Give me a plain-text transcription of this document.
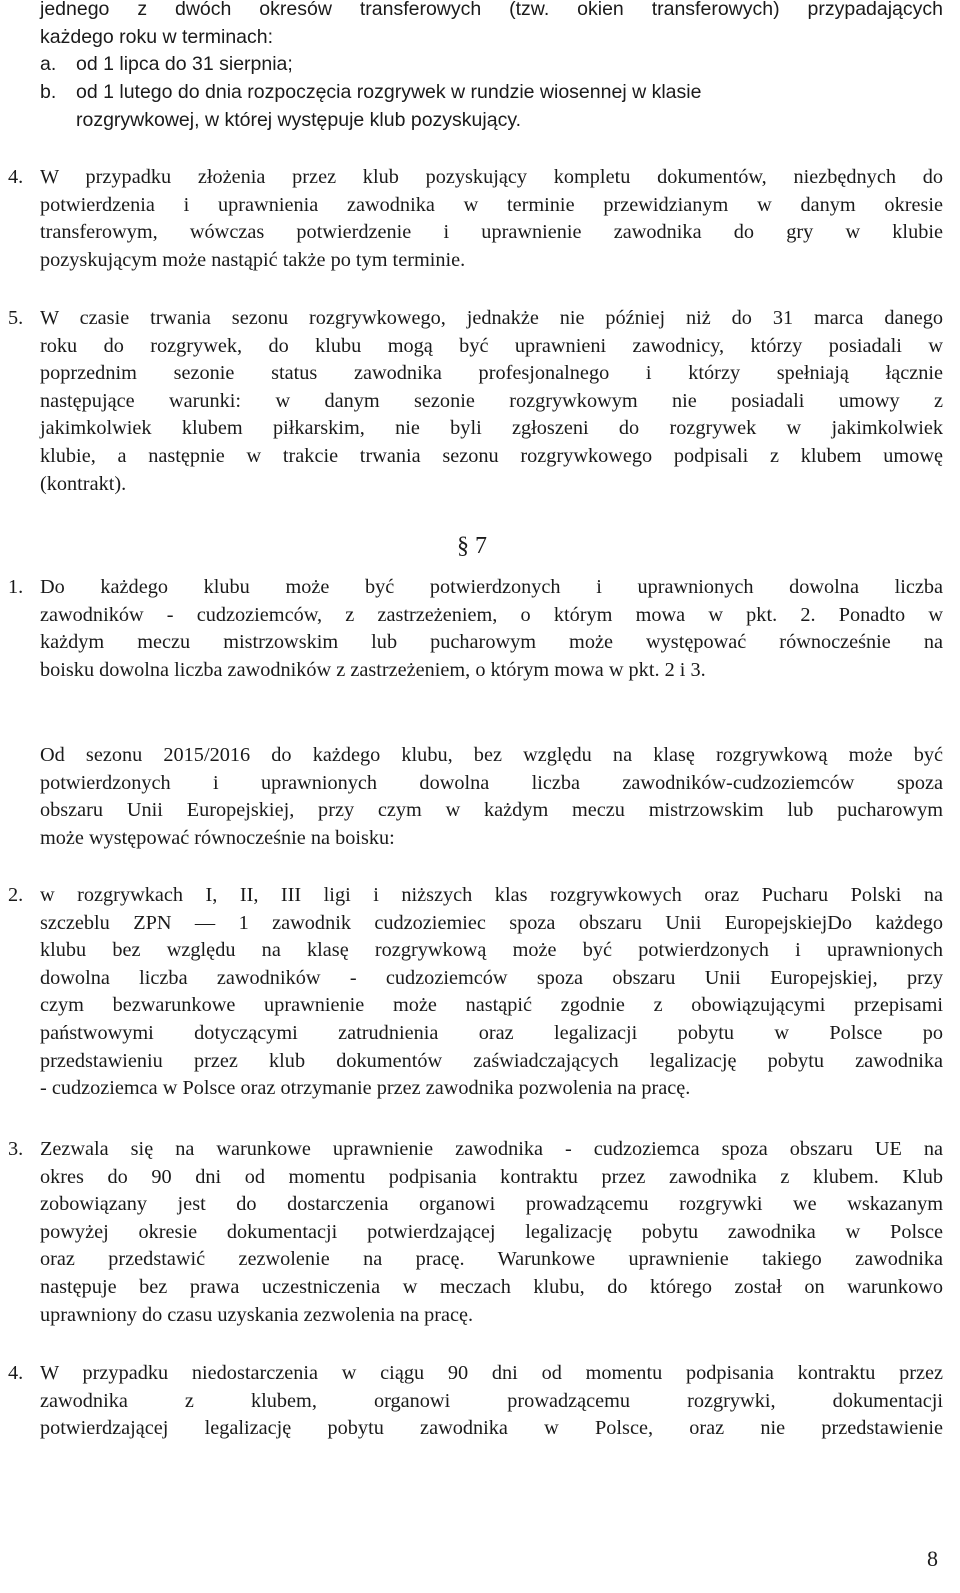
jednego z dwóch okresów transferowych (tzw. okien transferowych) przypadających
każdego roku w terminach:
a.	od 1 lipca do 31 sierpnia;
b.	od 1 lutego do dnia rozpoczęcia rozgrywek w rundzie wiosennej w klasie
rozgrywkowej, w której występuje klub pozyskujący.
4. W przypadku złożenia przez klub pozyskujący kompletu dokumentów, niezbędnych do
potwierdzenia i uprawnienia zawodnika w terminie przewidzianym w danym okresie
transferowym, wówczas potwierdzenie i uprawnienie zawodnika do gry w klubie
pozyskującym może nastąpić także po tym terminie.
5. W czasie trwania sezonu rozgrywkowego, jednakże nie później niż do 31 marca danego
roku do rozgrywek, do klubu mogą być uprawnieni zawodnicy, którzy posiadali w
poprzednim sezonie status zawodnika profesjonalnego i którzy spełniają łącznie
następujące warunki: w danym sezonie rozgrywkowym nie posiadali umowy z
jakimkolwiek klubem piłkarskim, nie byli zgłoszeni do rozgrywek w jakimkolwiek
klubie, a następnie w trakcie trwania sezonu rozgrywkowego podpisali z klubem umowę
(kontrakt).
§ 7
1. Do każdego klubu może być potwierdzonych i uprawnionych dowolna liczba
zawodników - cudzoziemców, z zastrzeżeniem, o którym mowa w pkt. 2. Ponadto w
każdym meczu mistrzowskim lub pucharowym może występować równocześnie na
boisku dowolna liczba zawodników z zastrzeżeniem, o którym mowa w pkt. 2 i 3.
Od sezonu 2015/2016 do każdego klubu, bez względu na klasę rozgrywkową może być
potwierdzonych i uprawnionych dowolna liczba zawodników-cudzoziemców spoza
obszaru Unii Europejskiej, przy czym w każdym meczu mistrzowskim lub pucharowym
może występować równocześnie na boisku:
2. w rozgrywkach I, II, III ligi i niższych klas rozgrywkowych oraz Pucharu Polski na
szczeblu ZPN — 1 zawodnik cudzoziemiec spoza obszaru Unii EuropejskiejDo każdego
klubu bez względu na klasę rozgrywkową może być potwierdzonych i uprawnionych
dowolna liczba zawodników - cudzoziemców spoza obszaru Unii Europejskiej, przy
czym bezwarunkowe uprawnienie może nastąpić zgodnie z obowiązującymi przepisami
państwowymi dotyczącymi zatrudnienia oraz legalizacji pobytu w Polsce po
przedstawieniu przez klub dokumentów zaświadczających legalizację pobytu zawodnika
- cudzoziemca w Polsce oraz otrzymanie przez zawodnika pozwolenia na pracę.
3. Zezwala się na warunkowe uprawnienie zawodnika - cudzoziemca spoza obszaru UE na
okres do 90 dni od momentu podpisania kontraktu przez zawodnika z klubem. Klub
zobowiązany jest do dostarczenia organowi prowadzącemu rozgrywki we wskazanym
powyżej okresie dokumentacji potwierdzającej legalizację pobytu zawodnika w Polsce
oraz przedstawić zezwolenie na pracę. Warunkowe uprawnienie takiego zawodnika
następuje bez prawa uczestniczenia w meczach klubu, do którego został on warunkowo
uprawniony do czasu uzyskania zezwolenia na pracę.
4. W przypadku niedostarczenia w ciągu 90 dni od momentu podpisania kontraktu przez
zawodnika z klubem, organowi prowadzącemu rozgrywki, dokumentacji
potwierdzającej legalizację pobytu zawodnika w Polsce, oraz nie przedstawienie
8
